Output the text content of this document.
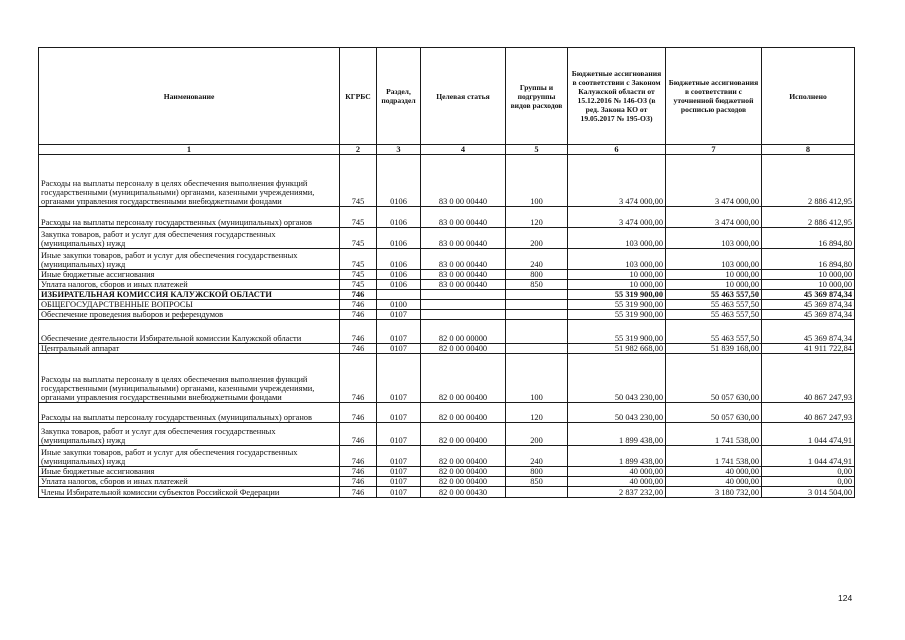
Наименование	КГРБС	Раздел, подраздел	Целевая статья	Группы и подгруппы видов расходов	Бюджетные ассигнования в соответствии с Законом Калужской области от 15.12.2016 № 146-ОЗ (в ред. Закона КО от 19.05.2017 № 195-ОЗ)	Бюджетные ассигнования в соответствии с уточненной бюджетной росписью расходов	Исполнено
1	2	3	4	5	6	7	8
Расходы на выплаты персоналу в целях обеспечения выполнения функций государственными (муниципальными) органами, казенными учреждениями, органами управления государственными внебюджетными фондами	745	0106	83 0 00 00440	100	3 474 000,00	3 474 000,00	2 886 412,95
Расходы на выплаты персоналу государственных (муниципальных) органов	745	0106	83 0 00 00440	120	3 474 000,00	3 474 000,00	2 886 412,95
Закупка товаров, работ и услуг для обеспечения государственных (муниципальных) нужд	745	0106	83 0 00 00440	200	103 000,00	103 000,00	16 894,80
Иные закупки товаров, работ и услуг для обеспечения государственных (муниципальных) нужд	745	0106	83 0 00 00440	240	103 000,00	103 000,00	16 894,80
Иные бюджетные ассигнования	745	0106	83 0 00 00440	800	10 000,00	10 000,00	10 000,00
Уплата налогов, сборов и иных платежей	745	0106	83 0 00 00440	850	10 000,00	10 000,00	10 000,00
ИЗБИРАТЕЛЬНАЯ КОМИССИЯ КАЛУЖСКОЙ ОБЛАСТИ	746				55 319 900,00	55 463 557,50	45 369 874,34
ОБЩЕГОСУДАРСТВЕННЫЕ ВОПРОСЫ	746	0100			55 319 900,00	55 463 557,50	45 369 874,34
Обеспечение проведения выборов и референдумов	746	0107			55 319 900,00	55 463 557,50	45 369 874,34
Обеспечение деятельности Избирательной комиссии Калужской области	746	0107	82 0 00 00000		55 319 900,00	55 463 557,50	45 369 874,34
Центральный аппарат	746	0107	82 0 00 00400		51 982 668,00	51 839 168,00	41 911 722,84
Расходы на выплаты персоналу в целях обеспечения выполнения функций государственными (муниципальными) органами, казенными учреждениями, органами управления государственными внебюджетными фондами	746	0107	82 0 00 00400	100	50 043 230,00	50 057 630,00	40 867 247,93
Расходы на выплаты персоналу государственных (муниципальных) органов	746	0107	82 0 00 00400	120	50 043 230,00	50 057 630,00	40 867 247,93
Закупка товаров, работ и услуг для обеспечения государственных (муниципальных) нужд	746	0107	82 0 00 00400	200	1 899 438,00	1 741 538,00	1 044 474,91
Иные закупки товаров, работ и услуг для обеспечения государственных (муниципальных) нужд	746	0107	82 0 00 00400	240	1 899 438,00	1 741 538,00	1 044 474,91
Иные бюджетные ассигнования	746	0107	82 0 00 00400	800	40 000,00	40 000,00	0,00
Уплата налогов, сборов и иных платежей	746	0107	82 0 00 00400	850	40 000,00	40 000,00	0,00
Члены Избирательной комиссии субъектов Российской Федерации	746	0107	82 0 00 00430		2 837 232,00	3 180 732,00	3 014 504,00
124
